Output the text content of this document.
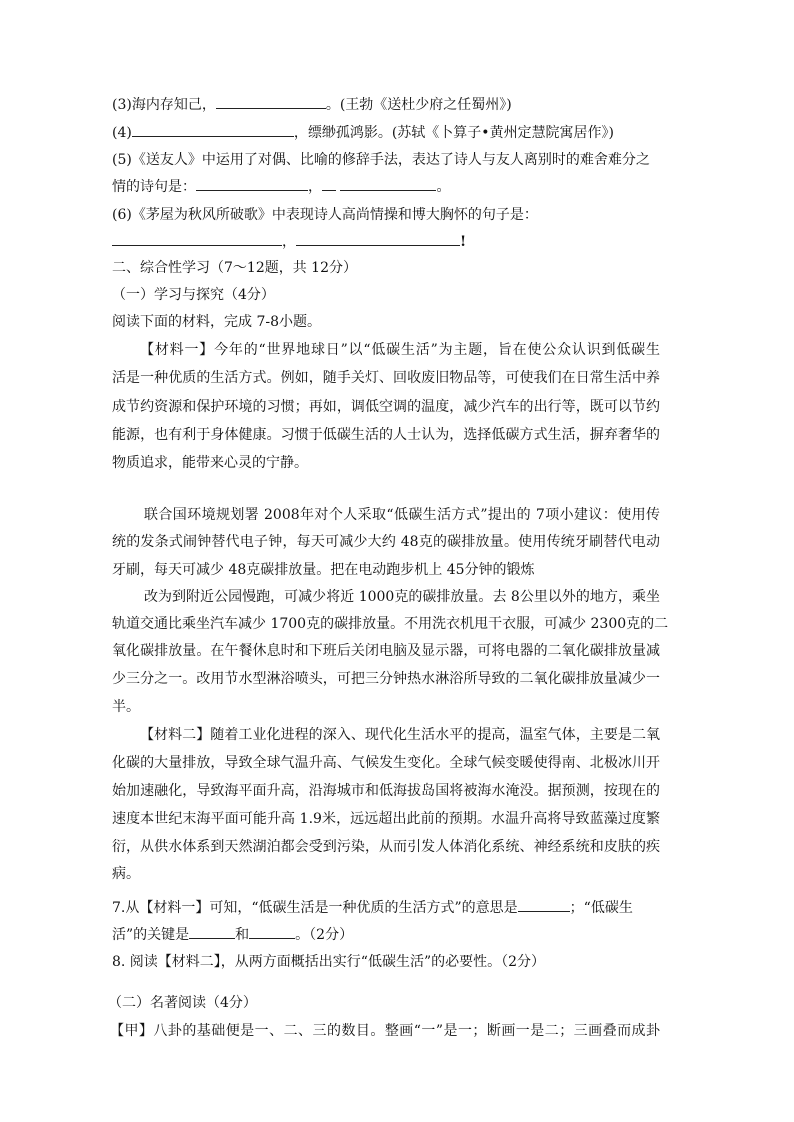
(3)海内存知己，	。(王勃《送杜少府之任蜀州》)
(4)	，缥缈孤鸿影。(苏轼《卜算子•黄州定慧院寓居作》)
(5)《送友人》中运用了对偶、比喻的修辞手法，表达了诗人与友人离别时的难舍难分之
情的诗句是：	，	。
(6)《茅屋为秋风所破歌》中表现诗人高尚情操和博大胸怀的句子是：
，	!
二、综合性学习（7～12题，共 12分）
（一）学习与探究（4分）
阅读下面的材料，完成 7-8小题。
【材料一】今年的“世界地球日”以“低碳生活”为主题，旨在使公众认识到低碳生
活是一种优质的生活方式。例如，随手关灯、回收废旧物品等，可使我们在日常生活中养
成节约资源和保护环境的习惯；再如，调低空调的温度，减少汽车的出行等，既可以节约
能源，也有利于身体健康。习惯于低碳生活的人士认为，选择低碳方式生活，摒弃奢华的
物质追求，能带来心灵的宁静。
联合国环境规划署 2008年对个人采取“低碳生活方式”提出的 7项小建议：使用传
统的发条式闹钟替代电子钟，每天可减少大约 48克的碳排放量。使用传统牙刷替代电动
牙刷，每天可减少 48克碳排放量。把在电动跑步机上 45分钟的锻炼
改为到附近公园慢跑，可减少将近 1000克的碳排放量。去 8公里以外的地方，乘坐
轨道交通比乘坐汽车减少 1700克的碳排放量。不用洗衣机甩干衣服，可减少 2300克的二
氧化碳排放量。在午餐休息时和下班后关闭电脑及显示器，可将电器的二氧化碳排放量减
少三分之一。改用节水型淋浴喷头，可把三分钟热水淋浴所导致的二氧化碳排放量减少一
半。
【材料二】随着工业化进程的深入、现代化生活水平的提高，温室气体，主要是二氧
化碳的大量排放，导致全球气温升高、气候发生变化。全球气候变暖使得南、北极冰川开
始加速融化，导致海平面升高，沿海城市和低海拔岛国将被海水淹没。据预测，按现在的
速度本世纪末海平面可能升高 1.9米，远远超出此前的预期。水温升高将导致蓝藻过度繁
衍，从供水体系到天然湖泊都会受到污染，从而引发人体消化系统、神经系统和皮肤的疾
病。
7.从【材料一】可知，“低碳生活是一种优质的生活方式”的意思是	；“低碳生
活”的关键是	和	。（2分）
8. 阅读【材料二】，从两方面概括出实行“低碳生活”的必要性。（2分）
（二）名著阅读（4分）
【甲】八卦的基础便是一、二、三的数目。整画“一”是一；断画一是二；三画叠而成卦
